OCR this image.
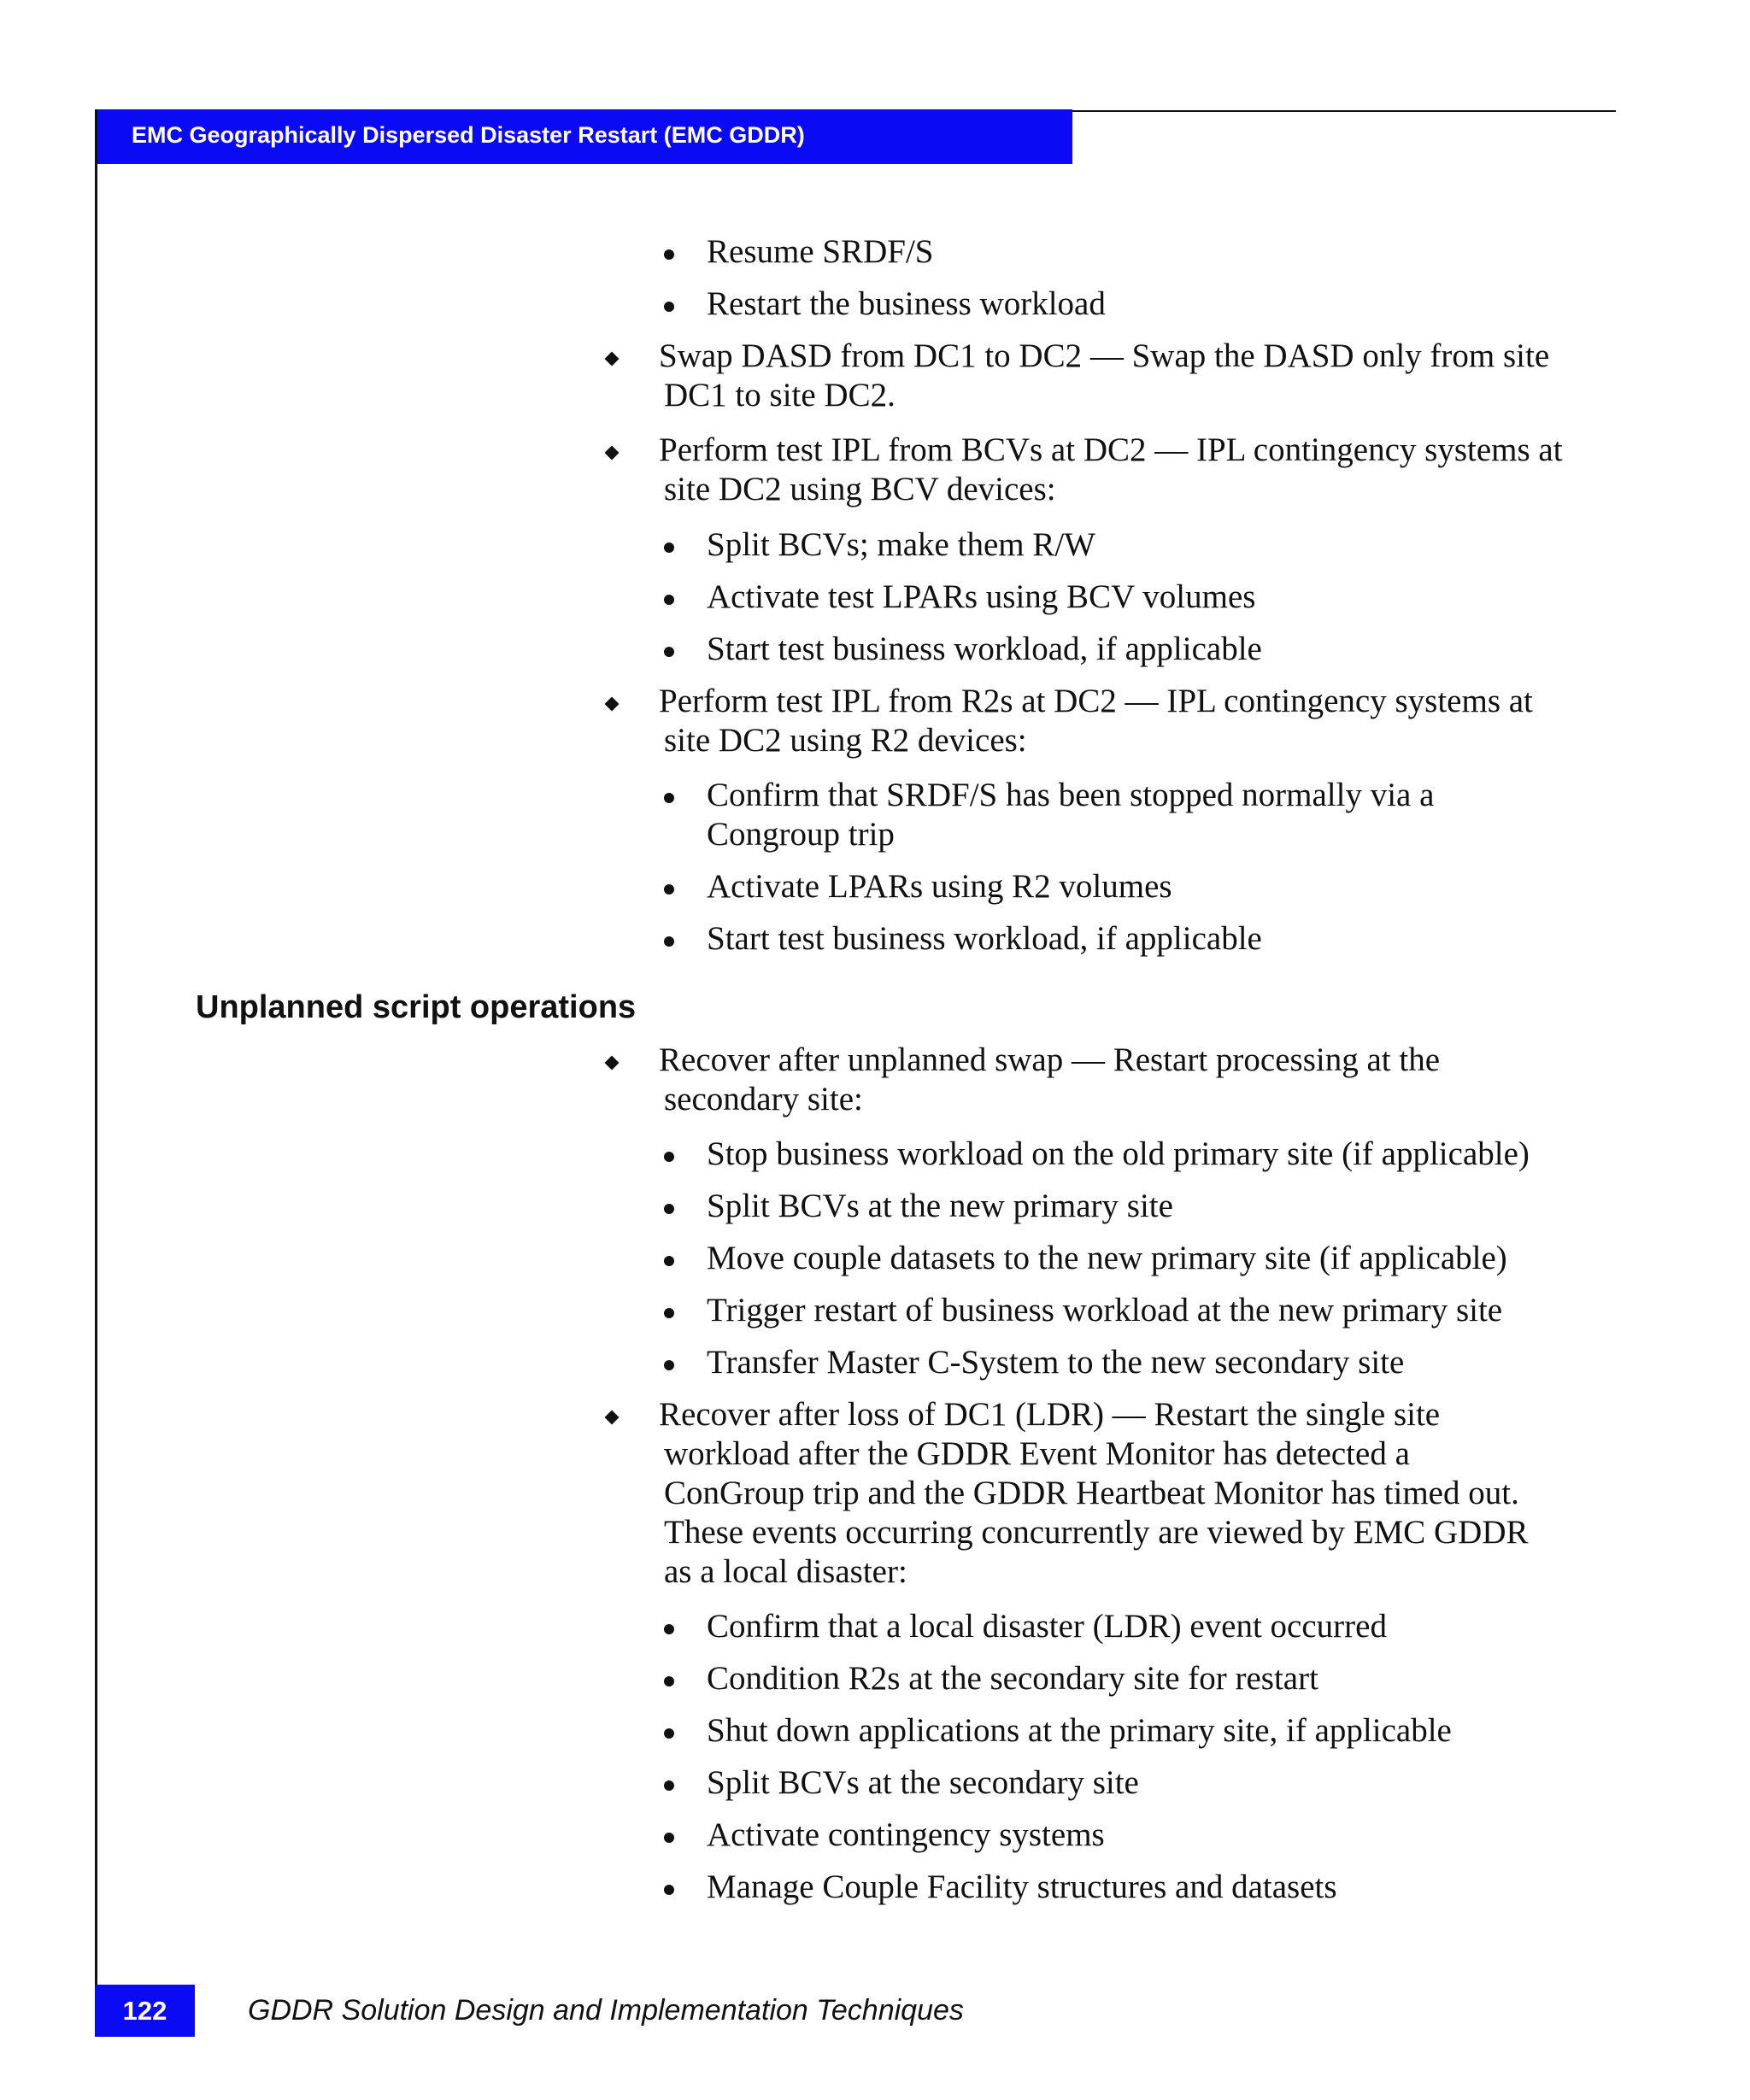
EMC Geographically Dispersed Disaster Restart (EMC GDDR)
Resume SRDF/S
Restart the business workload
Swap DASD from DC1 to DC2 — Swap the DASD only from site
DC1 to site DC2.
Perform test IPL from BCVs at DC2 — IPL contingency systems at
site DC2 using BCV devices:
Split BCVs; make them R/W
Activate test LPARs using BCV volumes
Start test business workload, if applicable
Perform test IPL from R2s at DC2 — IPL contingency systems at
site DC2 using R2 devices:
Confirm that SRDF/S has been stopped normally via a
Congroup trip
Activate LPARs using R2 volumes
Start test business workload, if applicable
Unplanned script operations
Recover after unplanned swap — Restart processing at the
secondary site:
Stop business workload on the old primary site (if applicable)
Split BCVs at the new primary site
Move couple datasets to the new primary site (if applicable)
Trigger restart of business workload at the new primary site
Transfer Master C-System to the new secondary site
Recover after loss of DC1 (LDR) — Restart the single site
workload after the GDDR Event Monitor has detected a
ConGroup trip and the GDDR Heartbeat Monitor has timed out.
These events occurring concurrently are viewed by EMC GDDR
as a local disaster:
Confirm that a local disaster (LDR) event occurred
Condition R2s at the secondary site for restart
Shut down applications at the primary site, if applicable
Split BCVs at the secondary site
Activate contingency systems
Manage Couple Facility structures and datasets
122	GDDR Solution Design and Implementation Techniques
